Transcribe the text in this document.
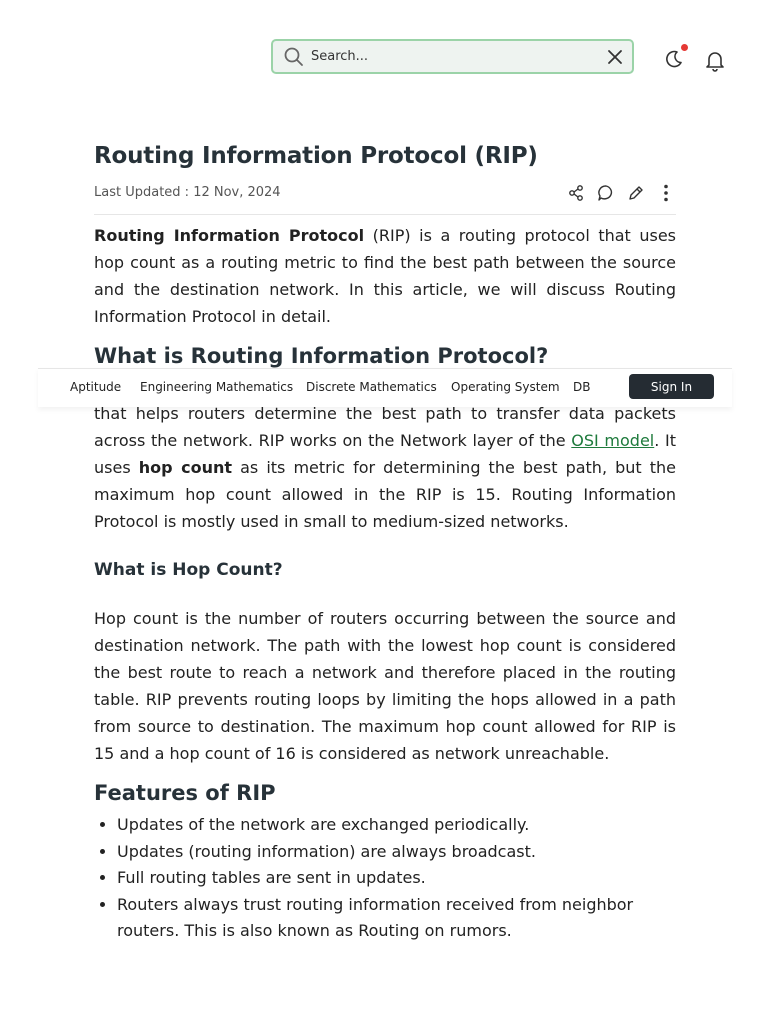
Search...
Routing Information Protocol (RIP)
Last Updated : 12 Nov, 2024

Routing Information Protocol (RIP) is a routing protocol that uses hop count as a routing metric to find the best path between the source and the destination network. In this article, we will discuss Routing Information Protocol in detail.

What is Routing Information Protocol?
Aptitude Engineering Mathematics Discrete Mathematics Operating System DB	Sign In

that helps routers determine the best path to transfer data packets across the network. RIP works on the Network layer of the OSI model. It uses hop count as its metric for determining the best path, but the maximum hop count allowed in the RIP is 15. Routing Information Protocol is mostly used in small to medium-sized networks.

What is Hop Count?

Hop count is the number of routers occurring between the source and destination network. The path with the lowest hop count is considered the best route to reach a network and therefore placed in the routing table. RIP prevents routing loops by limiting the hops allowed in a path from source to destination. The maximum hop count allowed for RIP is 15 and a hop count of 16 is considered as network unreachable.

Features of RIP
• Updates of the network are exchanged periodically.
• Updates (routing information) are always broadcast.
• Full routing tables are sent in updates.
• Routers always trust routing information received from neighbor routers. This is also known as Routing on rumors.
